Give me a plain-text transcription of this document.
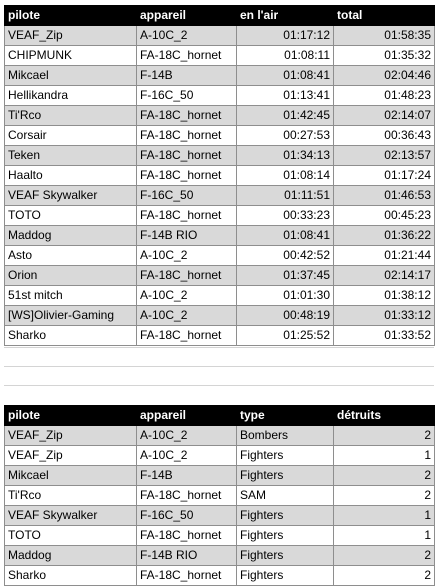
pilote	appareil	en l'air	total
VEAF_Zip	A-10C_2	01:17:12	01:58:35
CHIPMUNK	FA-18C_hornet	01:08:11	01:35:32
Mikcael	F-14B	01:08:41	02:04:46
Hellikandra	F-16C_50	01:13:41	01:48:23
Ti'Rco	FA-18C_hornet	01:42:45	02:14:07
Corsair	FA-18C_hornet	00:27:53	00:36:43
Teken	FA-18C_hornet	01:34:13	02:13:57
Haalto	FA-18C_hornet	01:08:14	01:17:24
VEAF Skywalker	F-16C_50	01:11:51	01:46:53
TOTO	FA-18C_hornet	00:33:23	00:45:23
Maddog	F-14B RIO	01:08:41	01:36:22
Asto	A-10C_2	00:42:52	01:21:44
Orion	FA-18C_hornet	01:37:45	02:14:17
51st mitch	A-10C_2	01:01:30	01:38:12
[WS]Olivier-Gaming	A-10C_2	00:48:19	01:33:12
Sharko	FA-18C_hornet	01:25:52	01:33:52
pilote	appareil	type	détruits
VEAF_Zip	A-10C_2	Bombers	2
VEAF_Zip	A-10C_2	Fighters	1
Mikcael	F-14B	Fighters	2
Ti'Rco	FA-18C_hornet	SAM	2
VEAF Skywalker	F-16C_50	Fighters	1
TOTO	FA-18C_hornet	Fighters	1
Maddog	F-14B RIO	Fighters	2
Sharko	FA-18C_hornet	Fighters	2
